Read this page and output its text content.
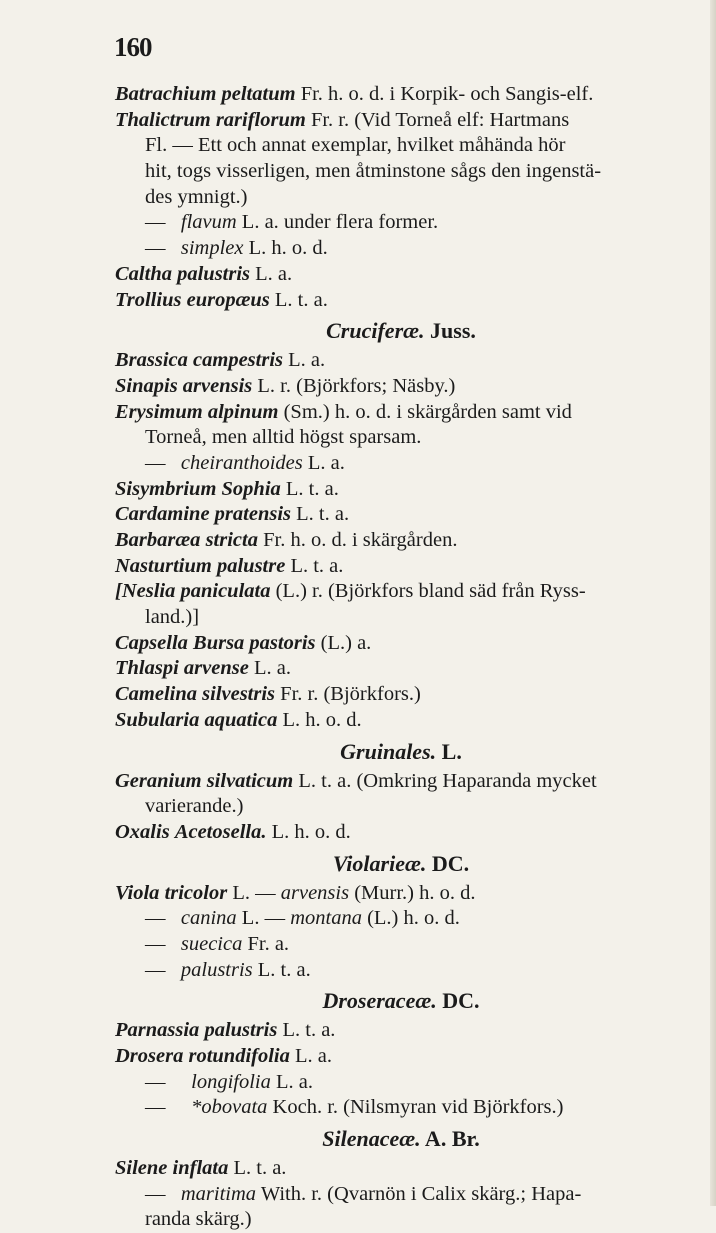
160
Batrachium peltatum Fr. h. o. d. i Korpik- och Sangis-elf.
Thalictrum rariflorum Fr. r. (Vid Torneå elf: Hartmans
Fl. — Ett och annat exemplar, hvilket måhända hör
hit, togs visserligen, men åtminstone sågs den ingenstä-
des ymnigt.)
— flavum L. a. under flera former.
— simplex L. h. o. d.
Caltha palustris L. a.
Trollius europæus L. t. a.
Cruciferæ. Juss.
Brassica campestris L. a.
Sinapis arvensis L. r. (Björkfors; Näsby.)
Erysimum alpinum (Sm.) h. o. d. i skärgården samt vid
Torneå, men alltid högst sparsam.
— cheiranthoides L. a.
Sisymbrium Sophia L. t. a.
Cardamine pratensis L. t. a.
Barbaræa stricta Fr. h. o. d. i skärgården.
Nasturtium palustre L. t. a.
[Neslia paniculata (L.) r. (Björkfors bland säd från Ryss-
land.)]
Capsella Bursa pastoris (L.) a.
Thlaspi arvense L. a.
Camelina silvestris Fr. r. (Björkfors.)
Subularia aquatica L. h. o. d.
Gruinales. L.
Geranium silvaticum L. t. a. (Omkring Haparanda mycket
varierande.)
Oxalis Acetosella. L. h. o. d.
Violarieæ. DC.
Viola tricolor L. — arvensis (Murr.) h. o. d.
— canina L. — montana (L.) h. o. d.
— suecica Fr. a.
— palustris L. t. a.
Droseraceæ. DC.
Parnassia palustris L. t. a.
Drosera rotundifolia L. a.
— longifolia L. a.
— *obovata Koch. r. (Nilsmyran vid Björkfors.)
Silenaceæ. A. Br.
Silene inflata L. t. a.
— maritima With. r. (Qvarnön i Calix skärg.; Hapa-
randa skärg.)
